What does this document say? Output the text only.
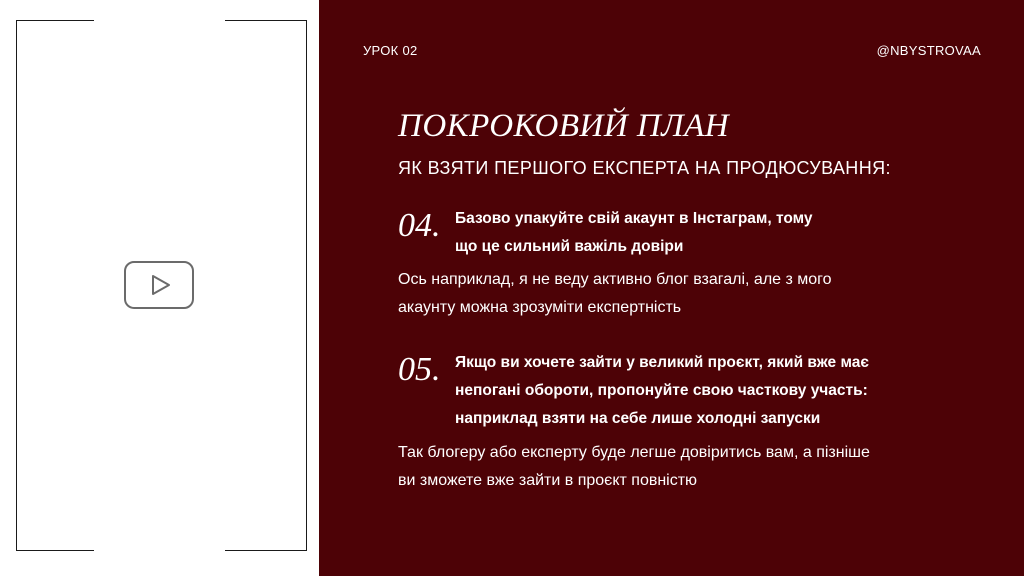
УРОК 02	@NBYSTROVAA
ПОКРОКОВИЙ ПЛАН
ЯК ВЗЯТИ ПЕРШОГО ЕКСПЕРТА НА ПРОДЮСУВАННЯ:
04. Базово упакуйте свій акаунт в Інстаграм, тому
що це сильний важіль довіри
Ось наприклад, я не веду активно блог взагалі, але з мого
акаунту можна зрозуміти експертність
05. Якщо ви хочете зайти у великий проєкт, який вже має
непогані обороти, пропонуйте свою часткову участь:
наприклад взяти на себе лише холодні запуски
Так блогеру або експерту буде легше довіритись вам, а пізніше
ви зможете вже зайти в проєкт повністю
